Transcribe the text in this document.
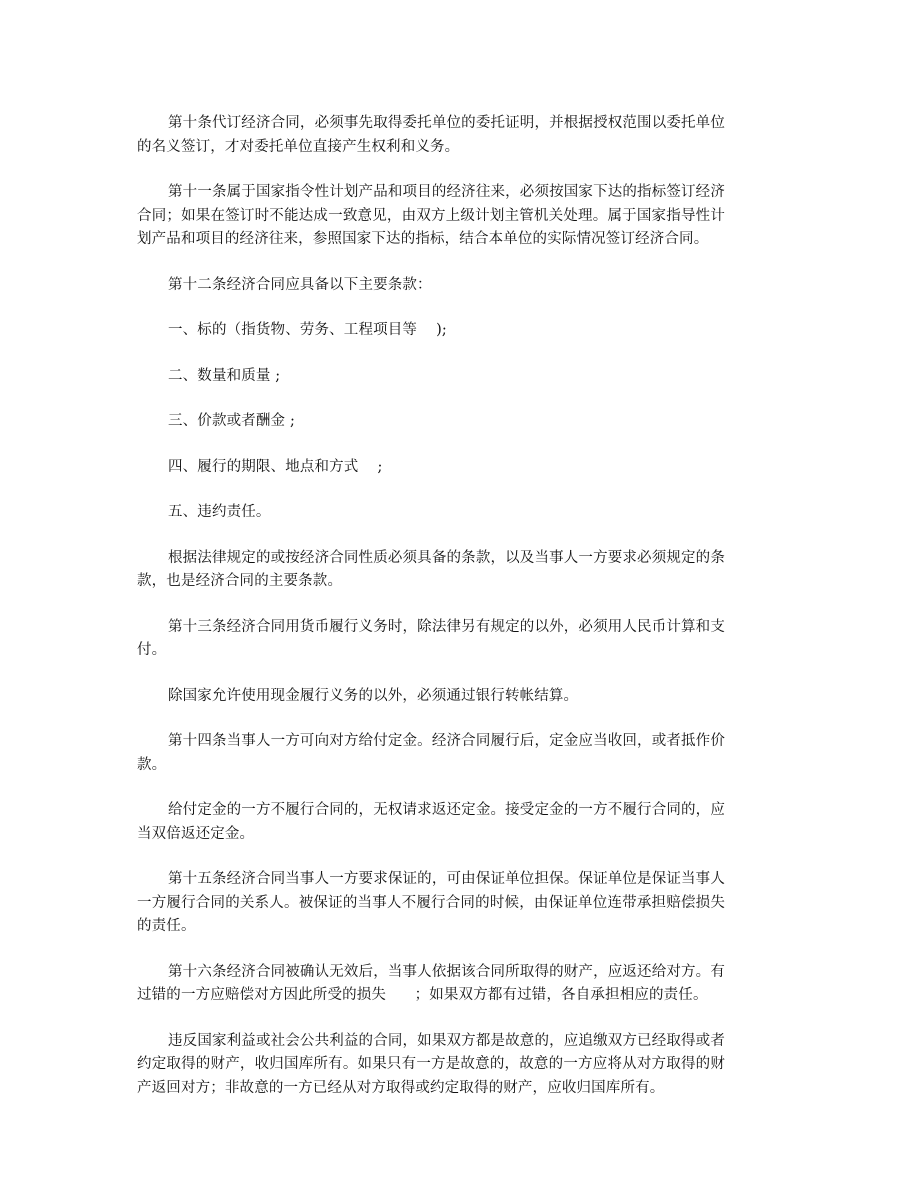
第十条代订经济合同，必须事先取得委托单位的委托证明，并根据授权范围以委托单位的名义签订，才对委托单位直接产生权利和义务。

第十一条属于国家指令性计划产品和项目的经济往来，必须按国家下达的指标签订经济合同；如果在签订时不能达成一致意见，由双方上级计划主管机关处理。属于国家指导性计划产品和项目的经济往来，参照国家下达的指标，结合本单位的实际情况签订经济合同。

第十二条经济合同应具备以下主要条款：

一、标的（指货物、劳务、工程项目等    );

二、数量和质量 ;

三、价款或者酬金 ;

四、履行的期限、地点和方式    ;

五、违约责任。

根据法律规定的或按经济合同性质必须具备的条款，以及当事人一方要求必须规定的条款，也是经济合同的主要条款。

第十三条经济合同用货币履行义务时，除法律另有规定的以外，必须用人民币计算和支付。

除国家允许使用现金履行义务的以外，必须通过银行转帐结算。

第十四条当事人一方可向对方给付定金。经济合同履行后，定金应当收回，或者抵作价款。

给付定金的一方不履行合同的，无权请求返还定金。接受定金的一方不履行合同的，应当双倍返还定金。

第十五条经济合同当事人一方要求保证的，可由保证单位担保。保证单位是保证当事人一方履行合同的关系人。被保证的当事人不履行合同的时候，由保证单位连带承担赔偿损失的责任。

第十六条经济合同被确认无效后，当事人依据该合同所取得的财产，应返还给对方。有过错的一方应赔偿对方因此所受的损失      ；如果双方都有过错，各自承担相应的责任。

违反国家利益或社会公共利益的合同，如果双方都是故意的，应追缴双方已经取得或者约定取得的财产，收归国库所有。如果只有一方是故意的，故意的一方应将从对方取得的财产返回对方；非故意的一方已经从对方取得或约定取得的财产，应收归国库所有。
